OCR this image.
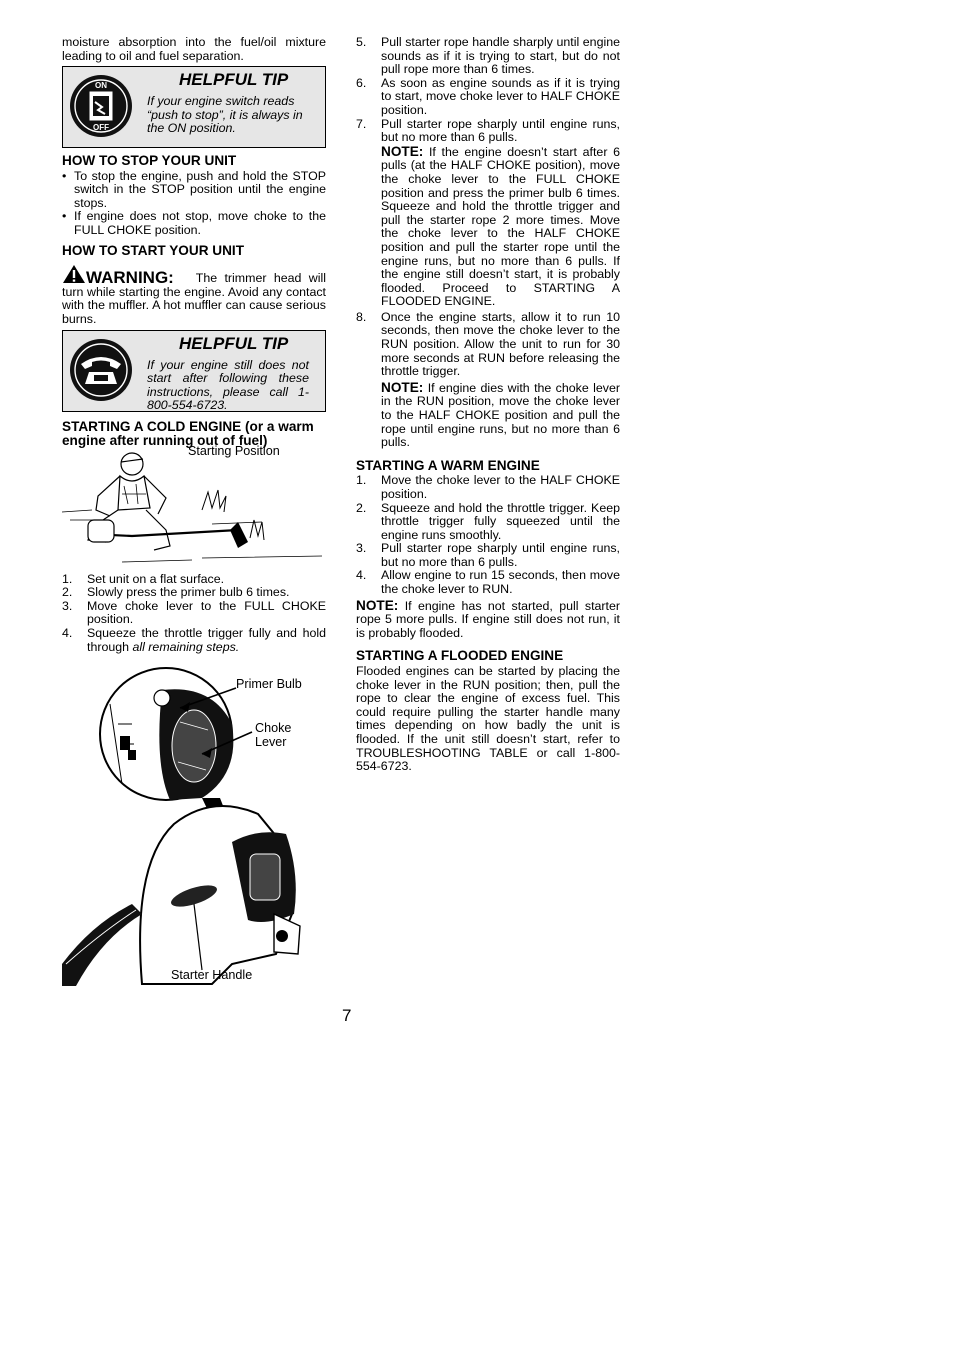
moisture absorption into the fuel/oil mixture leading to oil and fuel separation.

ON
OFF
HELPFUL TIP
If your engine switch reads “push to stop”, it is always in the ON position.
HOW TO STOP YOUR UNIT
• To stop the engine, push and hold the STOP switch in the STOP position until the engine stops.
• If engine does not stop, move choke to the FULL CHOKE position.
HOW TO START YOUR UNIT

WARNING: The trimmer head will turn while starting the engine. Avoid any contact with the muffler. A hot muffler can cause serious burns.

HELPFUL TIP
If your engine still does not start after following these instructions, please call 1-800-554-6723.
STARTING A COLD ENGINE (or a warm engine after running out of fuel)
Starting Position
1. Set unit on a flat surface.
2. Slowly press the primer bulb 6 times.
3. Move choke lever to the FULL CHOKE position.
4. Squeeze the throttle trigger fully and hold through all remaining steps.
Primer Bulb
Choke
Lever
Starter Handle
5. Pull starter rope handle sharply until engine sounds as if it is trying to start, but do not pull rope more than 6 times.
6. As soon as engine sounds as if it is trying to start, move choke lever to HALF CHOKE position.
7. Pull starter rope sharply until engine runs, but no more than 6 pulls.

NOTE: If the engine doesn’t start after 6 pulls (at the HALF CHOKE position), move the choke lever to the FULL CHOKE position and press the primer bulb 6 times. Squeeze and hold the throttle trigger and pull the starter rope 2 more times. Move the choke lever to the HALF CHOKE position and pull the starter rope until the engine runs, but no more than 6 pulls. If the engine still doesn’t start, it is probably flooded. Proceed to STARTING A FLOODED ENGINE.

8. Once the engine starts, allow it to run 10 seconds, then move the choke lever to the RUN position. Allow the unit to run for 30 more seconds at RUN before releasing the throttle trigger.

NOTE: If engine dies with the choke lever in the RUN position, move the choke lever to the HALF CHOKE position and pull the rope until engine runs, but no more than 6 pulls.

STARTING A WARM ENGINE
1. Move the choke lever to the HALF CHOKE position.
2. Squeeze and hold the throttle trigger. Keep throttle trigger fully squeezed until the engine runs smoothly.
3. Pull starter rope sharply until engine runs, but no more than 6 pulls.
4. Allow engine to run 15 seconds, then move the choke lever to RUN.

NOTE: If engine has not started, pull starter rope 5 more pulls. If engine still does not run, it is probably flooded.

STARTING A FLOODED ENGINE

Flooded engines can be started by placing the choke lever in the RUN position; then, pull the rope to clear the engine of excess fuel. This could require pulling the starter handle many times depending on how badly the unit is flooded. If the unit still doesn’t start, refer to TROUBLESHOOTING TABLE or call 1-800-554-6723.

7
